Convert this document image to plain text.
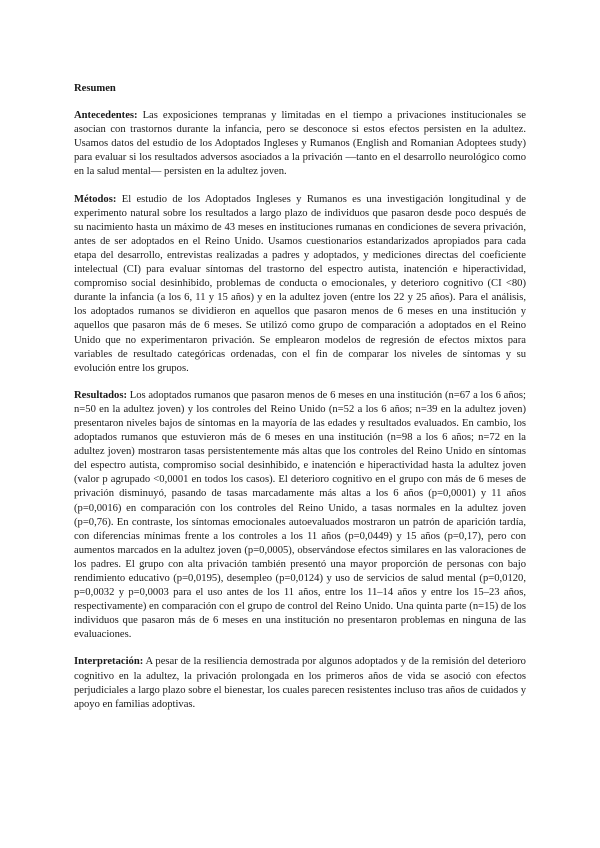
Resumen

Antecedentes: Las exposiciones tempranas y limitadas en el tiempo a privaciones institucionales se asocian con trastornos durante la infancia, pero se desconoce si estos efectos persisten en la adultez. Usamos datos del estudio de los Adoptados Ingleses y Rumanos (English and Romanian Adoptees study) para evaluar si los resultados adversos asociados a la privación —tanto en el desarrollo neurológico como en la salud mental— persisten en la adultez joven.

Métodos: El estudio de los Adoptados Ingleses y Rumanos es una investigación longitudinal y de experimento natural sobre los resultados a largo plazo de individuos que pasaron desde poco después de su nacimiento hasta un máximo de 43 meses en instituciones rumanas en condiciones de severa privación, antes de ser adoptados en el Reino Unido. Usamos cuestionarios estandarizados apropiados para cada etapa del desarrollo, entrevistas realizadas a padres y adoptados, y mediciones directas del coeficiente intelectual (CI) para evaluar síntomas del trastorno del espectro autista, inatención e hiperactividad, compromiso social desinhibido, problemas de conducta o emocionales, y deterioro cognitivo (CI <80) durante la infancia (a los 6, 11 y 15 años) y en la adultez joven (entre los 22 y 25 años). Para el análisis, los adoptados rumanos se dividieron en aquellos que pasaron menos de 6 meses en una institución y aquellos que pasaron más de 6 meses. Se utilizó como grupo de comparación a adoptados en el Reino Unido que no experimentaron privación. Se emplearon modelos de regresión de efectos mixtos para variables de resultado categóricas ordenadas, con el fin de comparar los niveles de síntomas y su evolución entre los grupos.

Resultados: Los adoptados rumanos que pasaron menos de 6 meses en una institución (n=67 a los 6 años; n=50 en la adultez joven) y los controles del Reino Unido (n=52 a los 6 años; n=39 en la adultez joven) presentaron niveles bajos de síntomas en la mayoría de las edades y resultados evaluados. En cambio, los adoptados rumanos que estuvieron más de 6 meses en una institución (n=98 a los 6 años; n=72 en la adultez joven) mostraron tasas persistentemente más altas que los controles del Reino Unido en síntomas del espectro autista, compromiso social desinhibido, e inatención e hiperactividad hasta la adultez joven (valor p agrupado <0,0001 en todos los casos). El deterioro cognitivo en el grupo con más de 6 meses de privación disminuyó, pasando de tasas marcadamente más altas a los 6 años (p=0,0001) y 11 años (p=0,0016) en comparación con los controles del Reino Unido, a tasas normales en la adultez joven (p=0,76). En contraste, los síntomas emocionales autoevaluados mostraron un patrón de aparición tardía, con diferencias mínimas frente a los controles a los 11 años (p=0,0449) y 15 años (p=0,17), pero con aumentos marcados en la adultez joven (p=0,0005), observándose efectos similares en las valoraciones de los padres. El grupo con alta privación también presentó una mayor proporción de personas con bajo rendimiento educativo (p=0,0195), desempleo (p=0,0124) y uso de servicios de salud mental (p=0,0120, p=0,0032 y p=0,0003 para el uso antes de los 11 años, entre los 11–14 años y entre los 15–23 años, respectivamente) en comparación con el grupo de control del Reino Unido. Una quinta parte (n=15) de los individuos que pasaron más de 6 meses en una institución no presentaron problemas en ninguna de las evaluaciones.

Interpretación: A pesar de la resiliencia demostrada por algunos adoptados y de la remisión del deterioro cognitivo en la adultez, la privación prolongada en los primeros años de vida se asoció con efectos perjudiciales a largo plazo sobre el bienestar, los cuales parecen resistentes incluso tras años de cuidados y apoyo en familias adoptivas.
